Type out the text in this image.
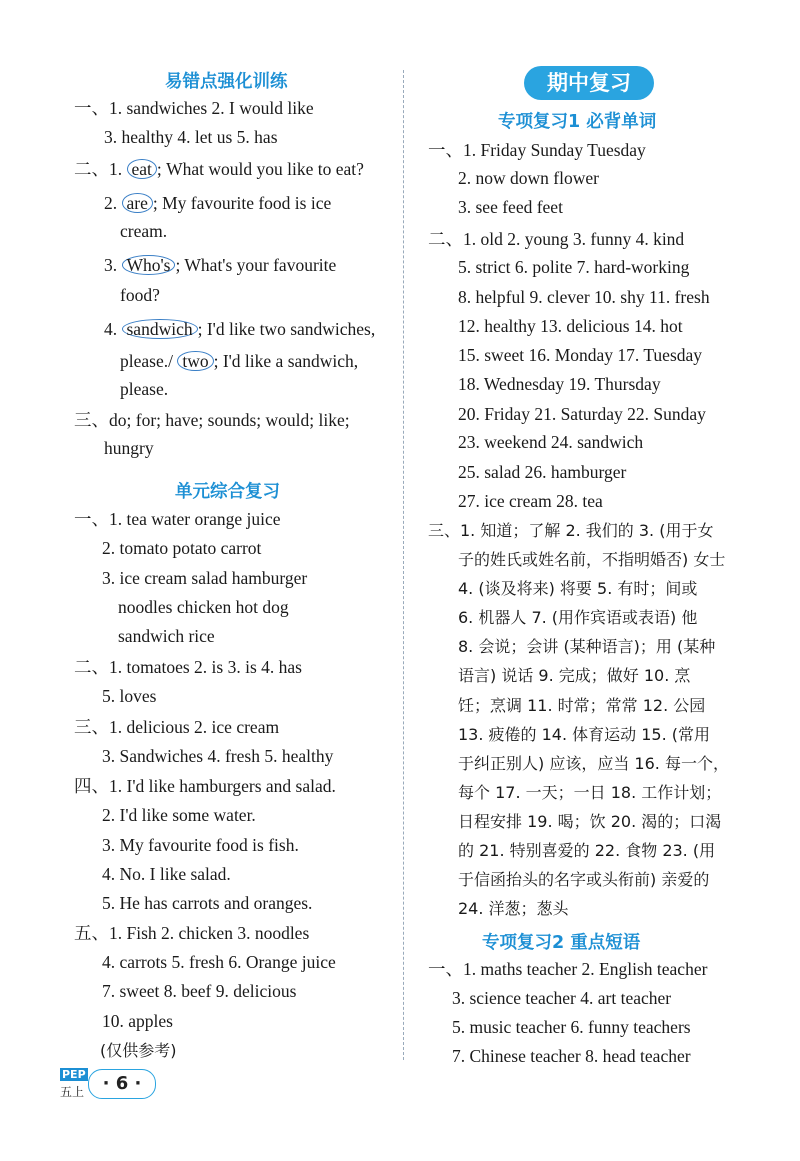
易错点强化训练
一、1. sandwiches 2. I would like
3. healthy 4. let us 5. has
二、1. eat ; What would you like to eat?
2. are ; My favourite food is ice
cream.
3. Who's ; What's your favourite
food?
4. sandwich ; I'd like two sandwiches,
please./ two ; I'd like a sandwich,
please.
三、do; for; have; sounds; would; like;
hungry
单元综合复习
一、1. tea water orange juice
2. tomato potato carrot
3. ice cream salad hamburger
noodles chicken hot dog
sandwich rice
二、1. tomatoes 2. is 3. is 4. has
5. loves
三、1. delicious 2. ice cream
3. Sandwiches 4. fresh 5. healthy
四、1. I'd like hamburgers and salad.
2. I'd like some water.
3. My favourite food is fish.
4. No. I like salad.
5. He has carrots and oranges.
五、1. Fish 2. chicken 3. noodles
4. carrots 5. fresh 6. Orange juice
7. sweet 8. beef 9. delicious
10. apples
(仅供参考)
期中复习
专项复习1 必背单词
一、1. Friday Sunday Tuesday
2. now down flower
3. see feed feet
二、1. old 2. young 3. funny 4. kind
5. strict 6. polite 7. hard-working
8. helpful 9. clever 10. shy 11. fresh
12. healthy 13. delicious 14. hot
15. sweet 16. Monday 17. Tuesday
18. Wednesday 19. Thursday
20. Friday 21. Saturday 22. Sunday
23. weekend 24. sandwich
25. salad 26. hamburger
27. ice cream 28. tea
三、1. 知道；了解 2. 我们的 3. (用于女
子的姓氏或姓名前，不指明婚否) 女士
4. (谈及将来) 将要 5. 有时；间或
6. 机器人 7. (用作宾语或表语) 他
8. 会说；会讲 (某种语言)；用 (某种
语言) 说话 9. 完成；做好 10. 烹
饪；烹调 11. 时常；常常 12. 公园
13. 疲倦的 14. 体育运动 15. (常用
于纠正别人) 应该，应当 16. 每一个，
每个 17. 一天；一日 18. 工作计划；
日程安排 19. 喝；饮 20. 渴的；口渴
的 21. 特别喜爱的 22. 食物 23. (用
于信函抬头的名字或头衔前) 亲爱的
24. 洋葱；葱头
专项复习2 重点短语
一、1. maths teacher 2. English teacher
3. science teacher 4. art teacher
5. music teacher 6. funny teachers
7. Chinese teacher 8. head teacher
PEP
五上	· 6 ·
